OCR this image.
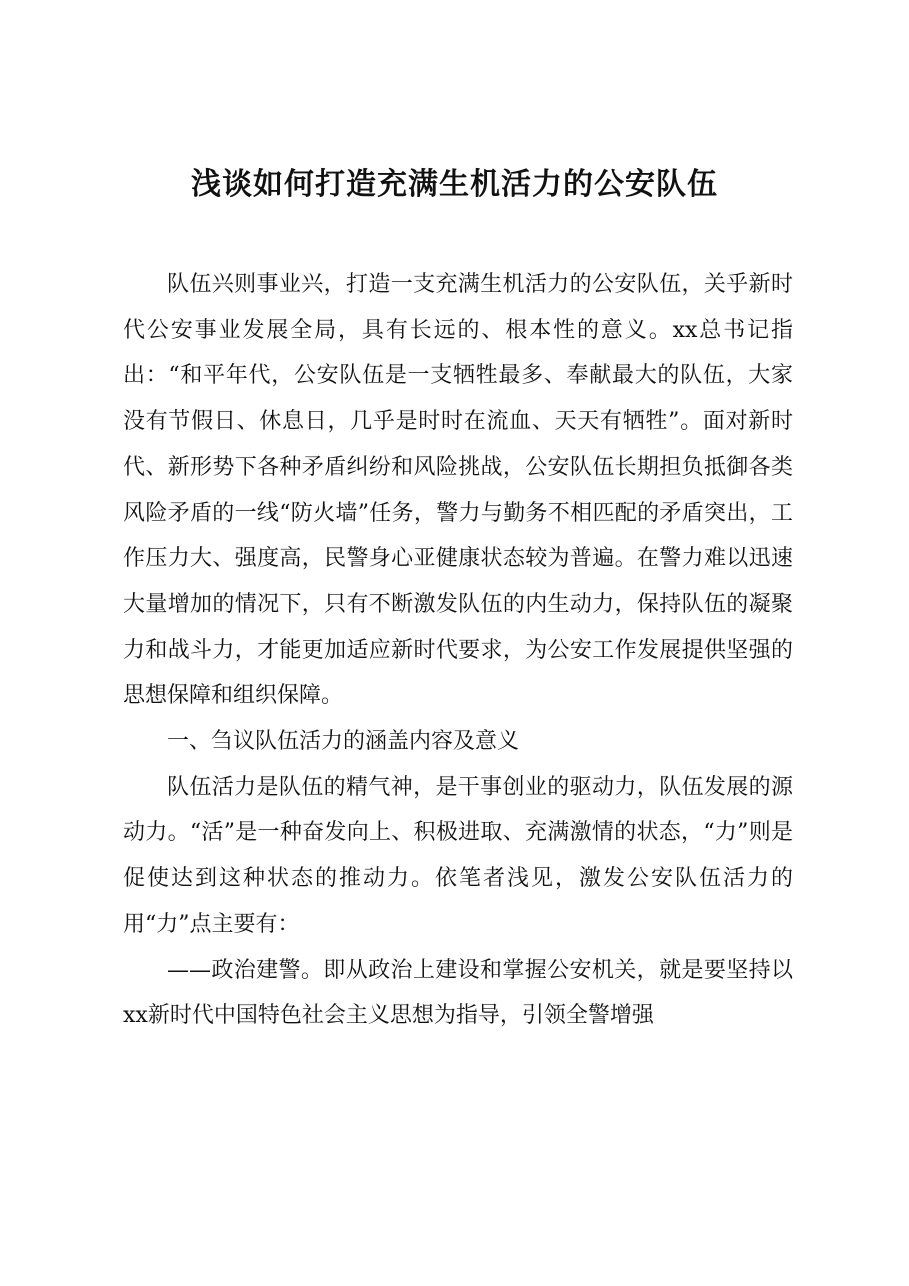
浅谈如何打造充满生机活力的公安队伍

队伍兴则事业兴，打造一支充满生机活力的公安队伍，关乎新时代公安事业发展全局，具有长远的、根本性的意义。xx总书记指出：“和平年代，公安队伍是一支牺牲最多、奉献最大的队伍，大家没有节假日、休息日，几乎是时时在流血、天天有牺牲”。面对新时代、新形势下各种矛盾纠纷和风险挑战，公安队伍长期担负抵御各类风险矛盾的一线“防火墙”任务，警力与勤务不相匹配的矛盾突出，工作压力大、强度高，民警身心亚健康状态较为普遍。在警力难以迅速大量增加的情况下，只有不断激发队伍的内生动力，保持队伍的凝聚力和战斗力，才能更加适应新时代要求，为公安工作发展提供坚强的思想保障和组织保障。

一、刍议队伍活力的涵盖内容及意义

队伍活力是队伍的精气神，是干事创业的驱动力，队伍发展的源动力。“活”是一种奋发向上、积极进取、充满激情的状态，“力”则是促使达到这种状态的推动力。依笔者浅见，激发公安队伍活力的用“力”点主要有：

——政治建警。即从政治上建设和掌握公安机关，就是要坚持以xx新时代中国特色社会主义思想为指导，引领全警增强
